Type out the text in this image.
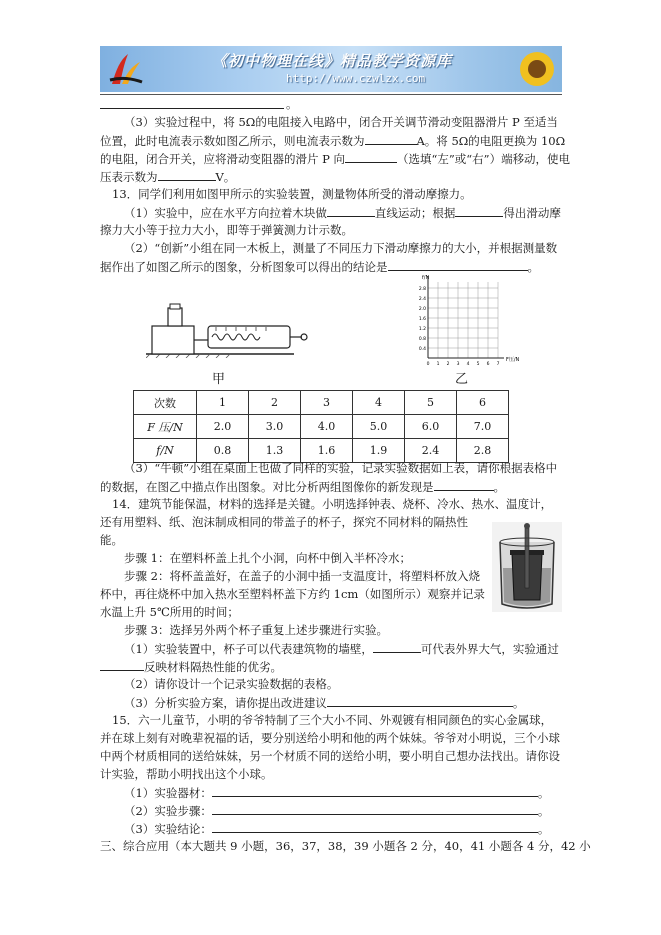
《初中物理在线》精品教学资源库
http://www.czwlzx.com
。
（3）实验过程中，将 5Ω的电阻接入电路中，闭合开关调节滑动变阻器滑片 P 至适当
位置，此时电流表示数如图乙所示，则电流表示数为	A。将 5Ω的电阻更换为 10Ω
的电阻，闭合开关，应将滑动变阻器的滑片 P 向	（选填“左”或“右”）端移动，使电
压表示数为	V。
13．同学们利用如图甲所示的实验装置，测量物体所受的滑动摩擦力。
（1）实验中，应在水平方向拉着木块做	直线运动；根据	得出滑动摩
擦力大小等于拉力大小，即等于弹簧测力计示数。
（2）“创新”小组在同一木板上，测量了不同压力下滑动摩擦力的大小，并根据测量数
据作出了如图乙所示的图象，分析图象可以得出的结论是	。
甲
f/N
F压/N
2.8
2.4
2.0
1.6
1.2
0.8
0.4
0 1 2 3 4 5 6 7
乙
次数	1	2	3	4	5	6
F 压/N	2.0	3.0	4.0	5.0	6.0	7.0
f/N	0.8	1.3	1.6	1.9	2.4	2.8
（3）“牛顿”小组在桌面上也做了同样的实验，记录实验数据如上表，请你根据表格中
的数据，在图乙中描点作出图象。对比分析两组图像你的新发现是	。
14．建筑节能保温，材料的选择是关键。小明选择钟表、烧杯、冷水、热水、温度计，
还有用塑料、纸、泡沫制成相同的带盖子的杯子，探究不同材料的隔热性
能。
步骤 1：在塑料杯盖上扎个小洞，向杯中倒入半杯冷水；
步骤 2：将杯盖盖好，在盖子的小洞中插一支温度计，将塑料杯放入烧
杯中，再往烧杯中加入热水至塑料杯盖下方约 1cm（如图所示）观察并记录
水温上升 5℃所用的时间；
步骤 3：选择另外两个杯子重复上述步骤进行实验。
（1）实验装置中，杯子可以代表建筑物的墙壁，	可代表外界大气，实验通过
反映材料隔热性能的优劣。
（2）请你设计一个记录实验数据的表格。
（3）分析实验方案，请你提出改进建议	。
15．六一儿童节，小明的爷爷特制了三个大小不同、外观镀有相同颜色的实心金属球，
并在球上刻有对晚辈祝福的话，要分别送给小明和他的两个妹妹。爷爷对小明说，三个小球
中两个材质相同的送给妹妹，另一个材质不同的送给小明，要小明自己想办法找出。请你设
计实验，帮助小明找出这个小球。
（1）实验器材：	。
（2）实验步骤：	。
（3）实验结论：	。
三、综合应用（本大题共 9 小题，36，37，38，39 小题各 2 分，40，41 小题各 4 分，42 小
